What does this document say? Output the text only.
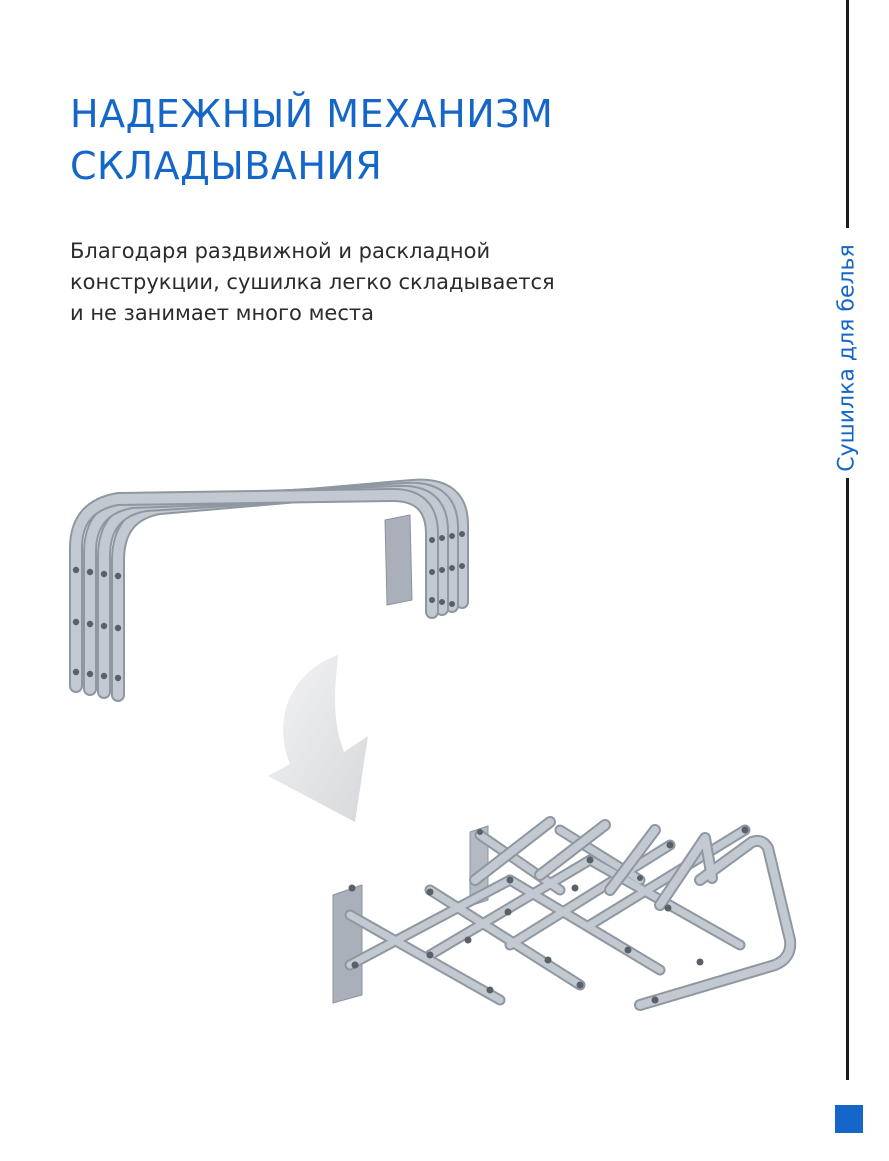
НАДЕЖНЫЙ МЕХАНИЗМ
СКЛАДЫВАНИЯ

Благодаря раздвижной и раскладной
конструкции, сушилка легко складывается
и не занимает много места	Сушилка для белья
